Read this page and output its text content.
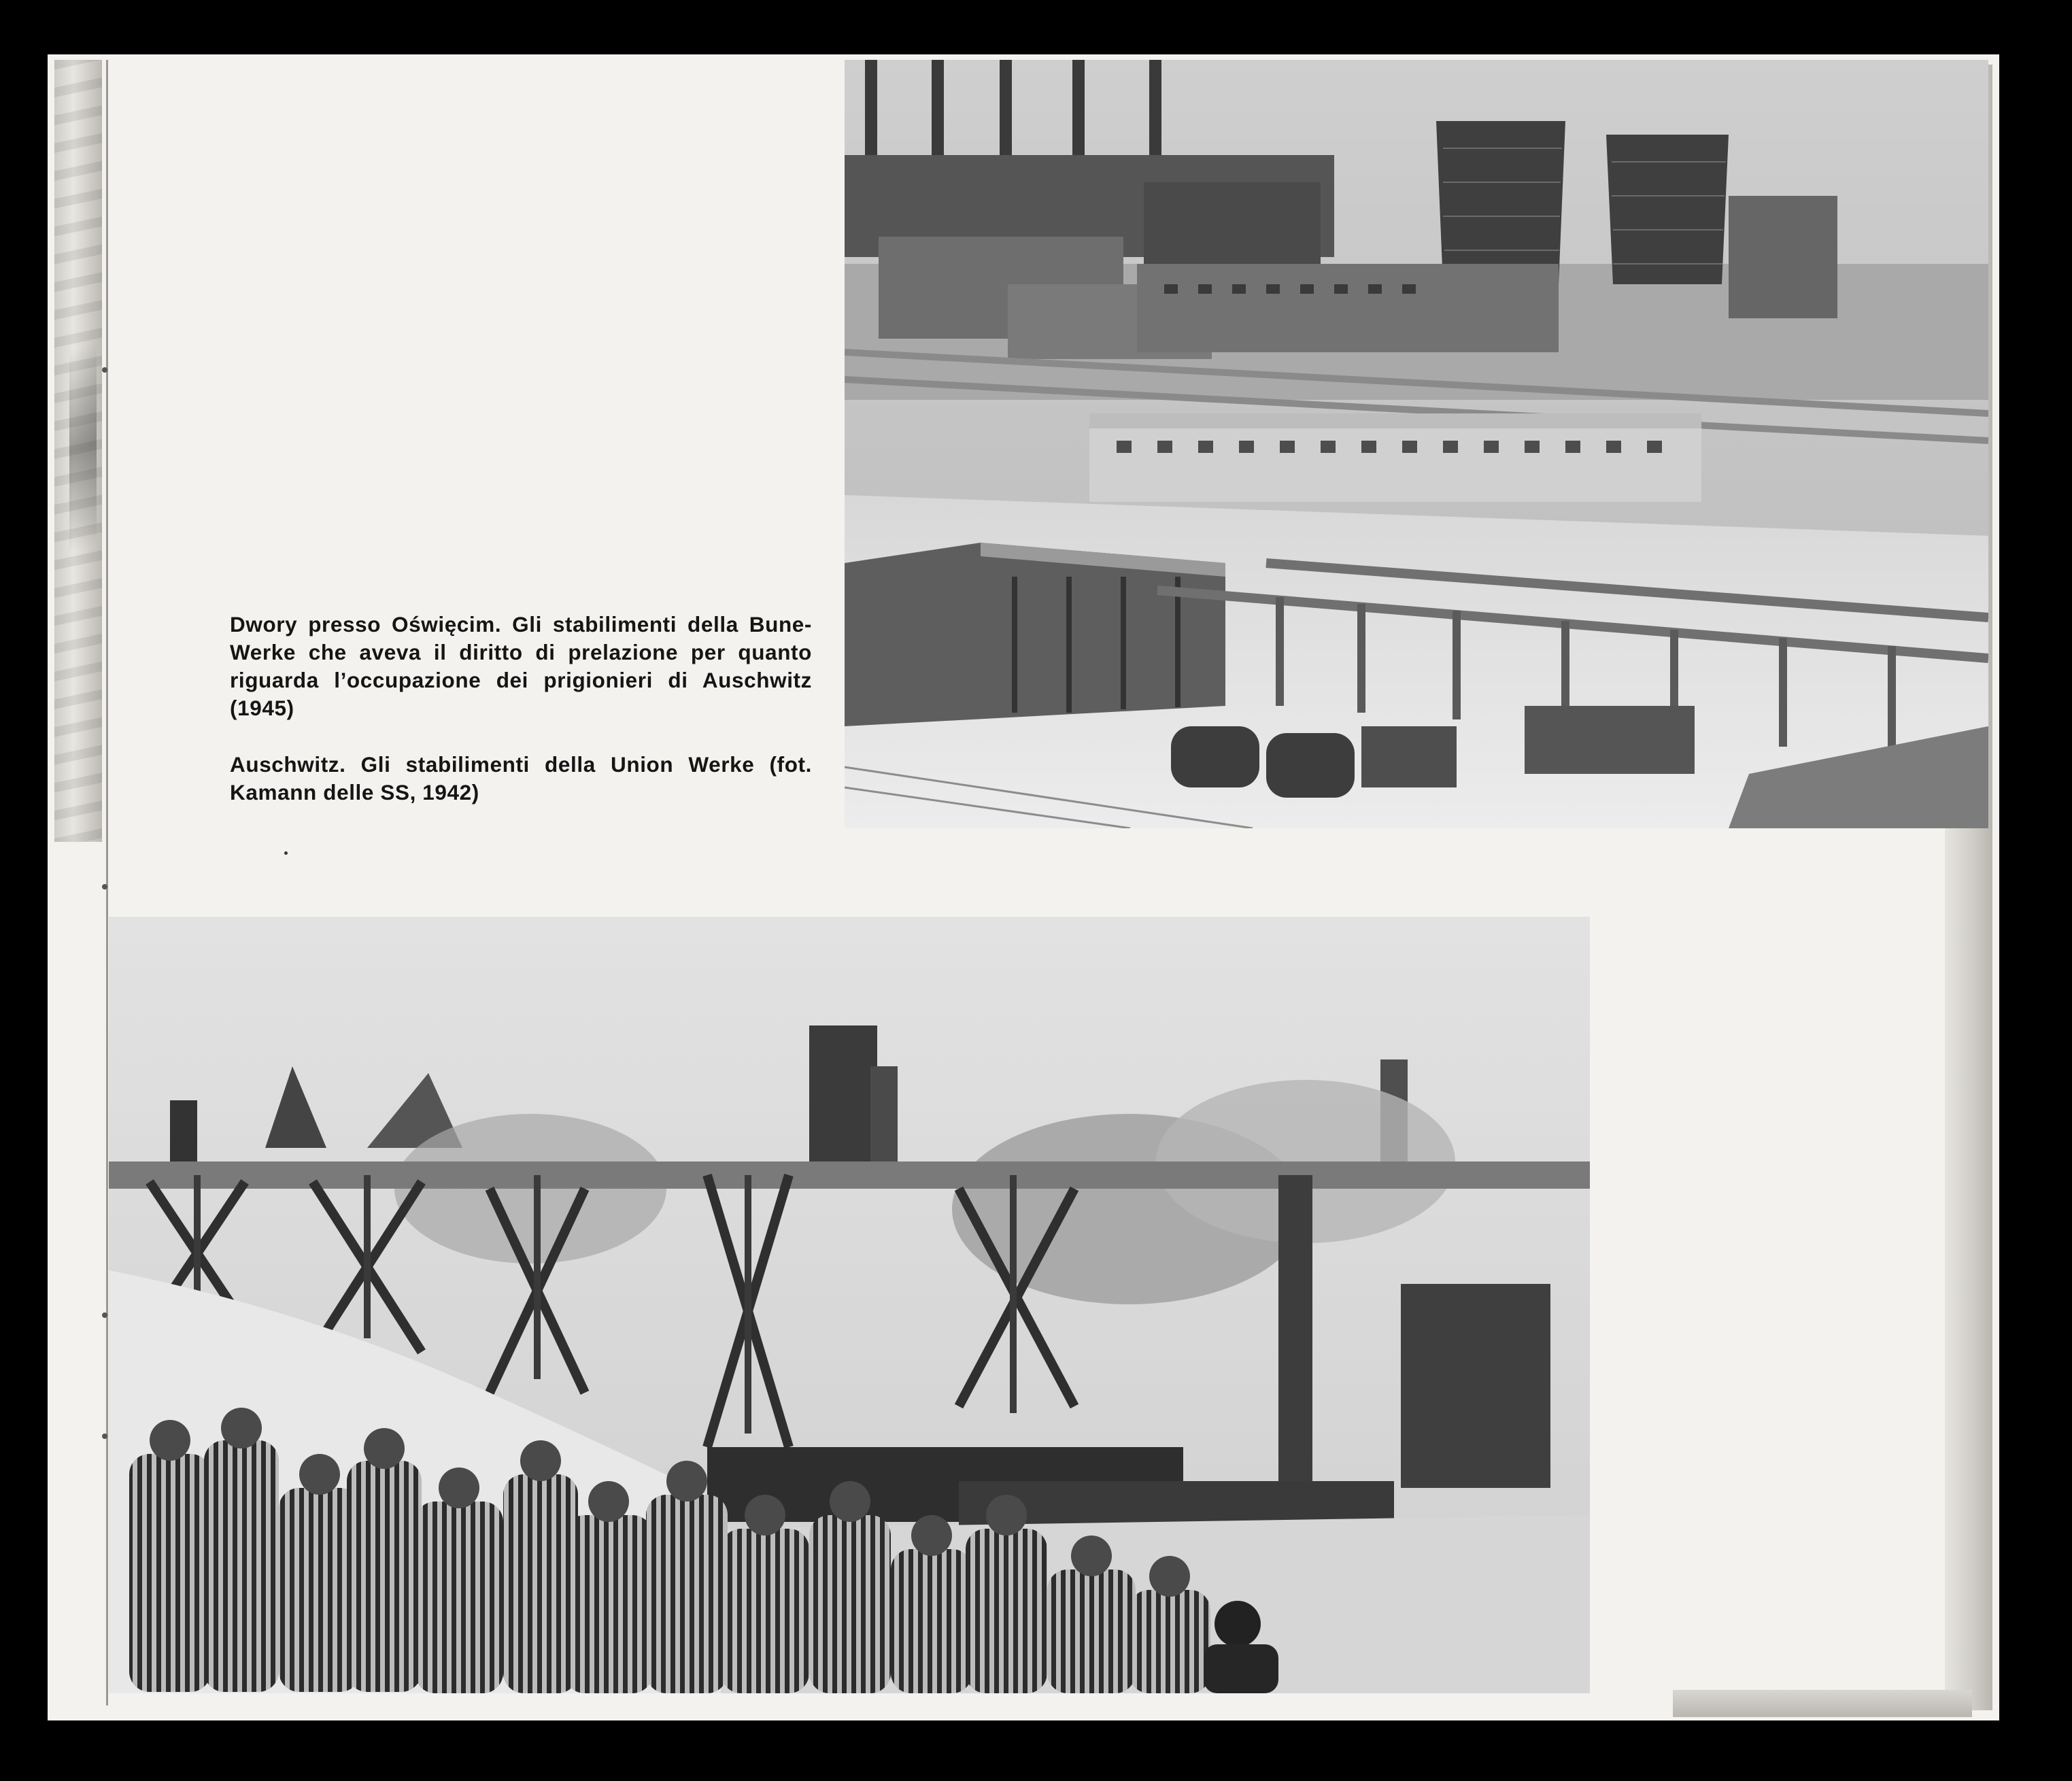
Dwory presso Oświęcim. Gli stabilimenti della Bune-Werke che aveva il diritto di prelazione per quanto riguarda l’occupazione dei prigionieri di Auschwitz (1945)

Auschwitz. Gli stabilimenti della Union Werke (fot. Kamann delle SS, 1942)
